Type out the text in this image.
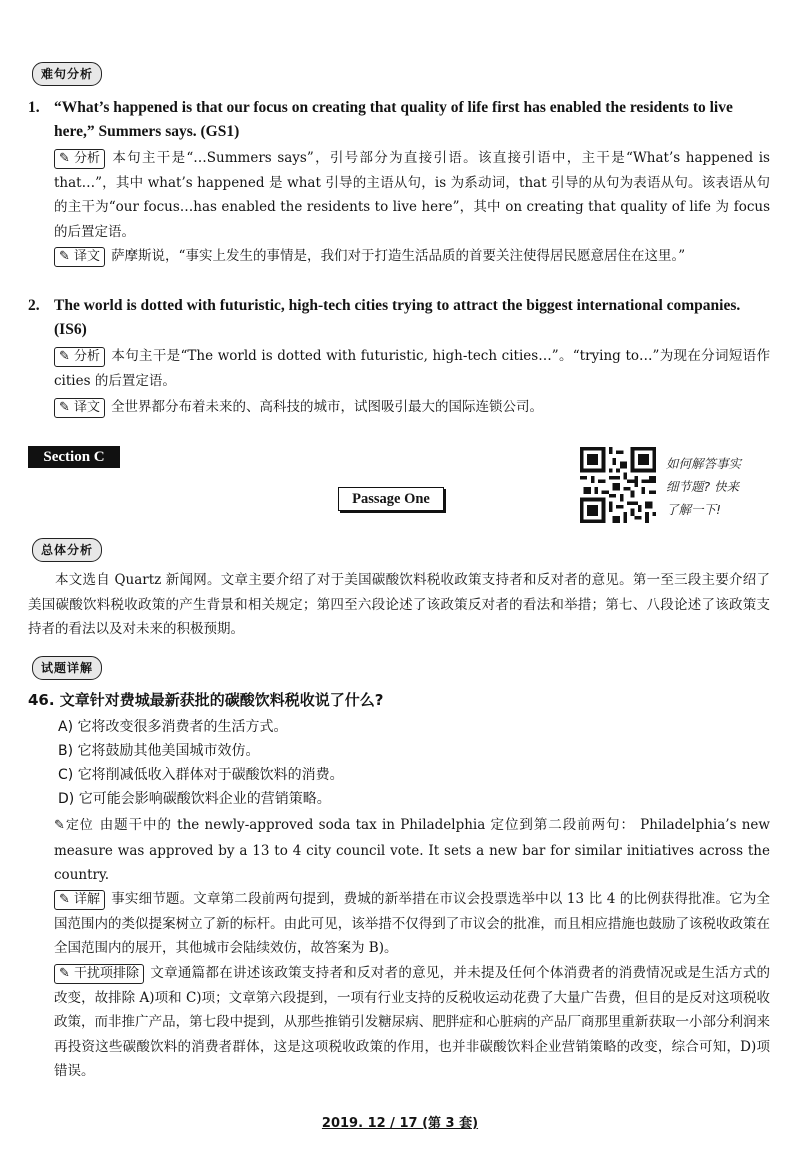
难句分析
1. “What’s happened is that our focus on creating that quality of life first has enabled the residents to live here,” Summers says. (GS1)

✎ 分析 本句主干是“…Summers says”，引号部分为直接引语。该直接引语中，主干是“What’s happened is that…”，其中 what’s happened 是 what 引导的主语从句，is 为系动词，that 引导的从句为表语从句。该表语从句的主干为“our focus…has enabled the residents to live here”，其中 on creating that quality of life 为 focus 的后置定语。

✎ 译文 萨摩斯说，“事实上发生的事情是，我们对于打造生活品质的首要关注使得居民愿意居住在这里。”

2. The world is dotted with futuristic, high-tech cities trying to attract the biggest international companies. (IS6)

✎ 分析 本句主干是“The world is dotted with futuristic, high-tech cities…”。“trying to…”为现在分词短语作 cities 的后置定语。

✎ 译文 全世界都分布着未来的、高科技的城市，试图吸引最大的国际连锁公司。

Section C
Passage One
如何解答事实
细节题? 快来
了解一下!
总体分析

本文选自 Quartz 新闻网。文章主要介绍了对于美国碳酸饮料税收政策支持者和反对者的意见。第一至三段主要介绍了美国碳酸饮料税收政策的产生背景和相关规定；第四至六段论述了该政策反对者的看法和举措；第七、八段论述了该政策支持者的看法以及对未来的积极预期。

试题详解
46. 文章针对费城最新获批的碳酸饮料税收说了什么?
A) 它将改变很多消费者的生活方式。
B) 它将鼓励其他美国城市效仿。
C) 它将削减低收入群体对于碳酸饮料的消费。
D) 它可能会影响碳酸饮料企业的营销策略。

✎定位 由题干中的 the newly-approved soda tax in Philadelphia 定位到第二段前两句： Philadelphia’s new measure was approved by a 13 to 4 city council vote. It sets a new bar for similar initiatives across the country.

✎ 详解 事实细节题。文章第二段前两句提到，费城的新举措在市议会投票选举中以 13 比 4 的比例获得批准。它为全国范围内的类似提案树立了新的标杆。由此可见，该举措不仅得到了市议会的批准，而且相应措施也鼓励了该税收政策在全国范围内的展开，其他城市会陆续效仿，故答案为 B)。

✎ 干扰项排除 文章通篇都在讲述该政策支持者和反对者的意见，并未提及任何个体消费者的消费情况或是生活方式的改变，故排除 A)项和 C)项；文章第六段提到，一项有行业支持的反税收运动花费了大量广告费，但目的是反对这项税收政策，而非推广产品，第七段中提到，从那些推销引发糖尿病、肥胖症和心脏病的产品厂商那里重新获取一小部分利润来再投资这些碳酸饮料的消费者群体，这是这项税收政策的作用，也并非碳酸饮料企业营销策略的改变，综合可知，D)项错误。

2019. 12 / 17 (第 3 套)
